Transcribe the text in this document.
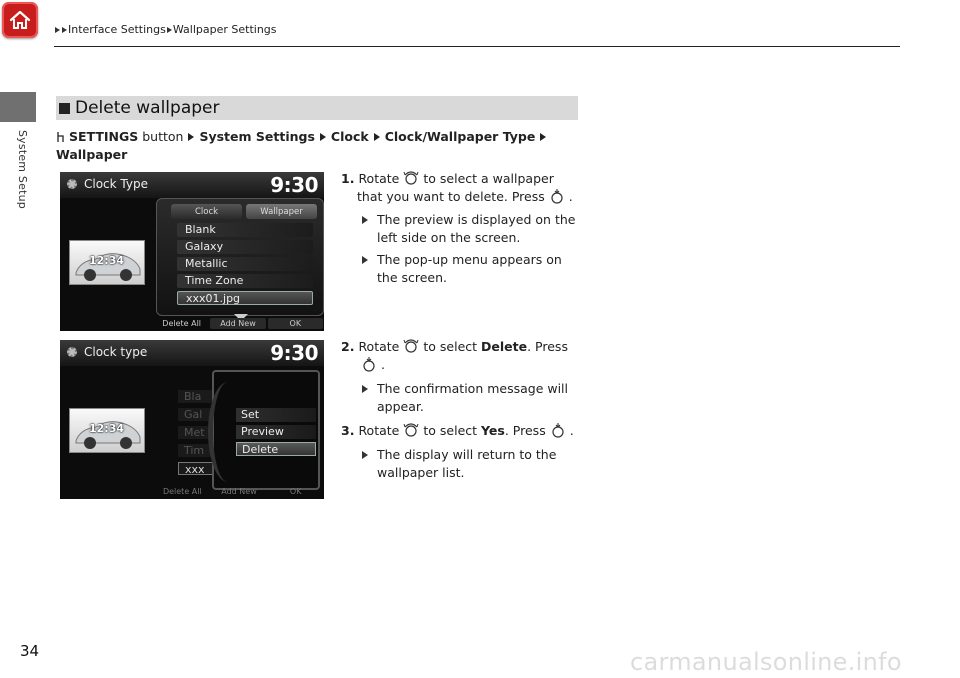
System Setup
Interface Settings Wallpaper Settings
Delete wallpaper
SETTINGS button System Settings Clock Clock/Wallpaper Type
Wallpaper
Clock Type	9:30
12:34
Clock	Wallpaper
Blank
Galaxy
Metallic
Time Zone
xxx01.jpg
Delete All	Add New	OK
Clock type	9:30
12:34
Bla
Gal
Met
Tim
xxx
Set
Preview
Delete
Delete All	Add New	OK
1. Rotate to select a wallpaper
that you want to delete. Press .
The preview is displayed on the
left side on the screen.
The pop-up menu appears on
the screen.
2. Rotate to select Delete. Press
.
The confirmation message will
appear.
3. Rotate to select Yes. Press .
The display will return to the
wallpaper list.
34	carmanualsonline.info
